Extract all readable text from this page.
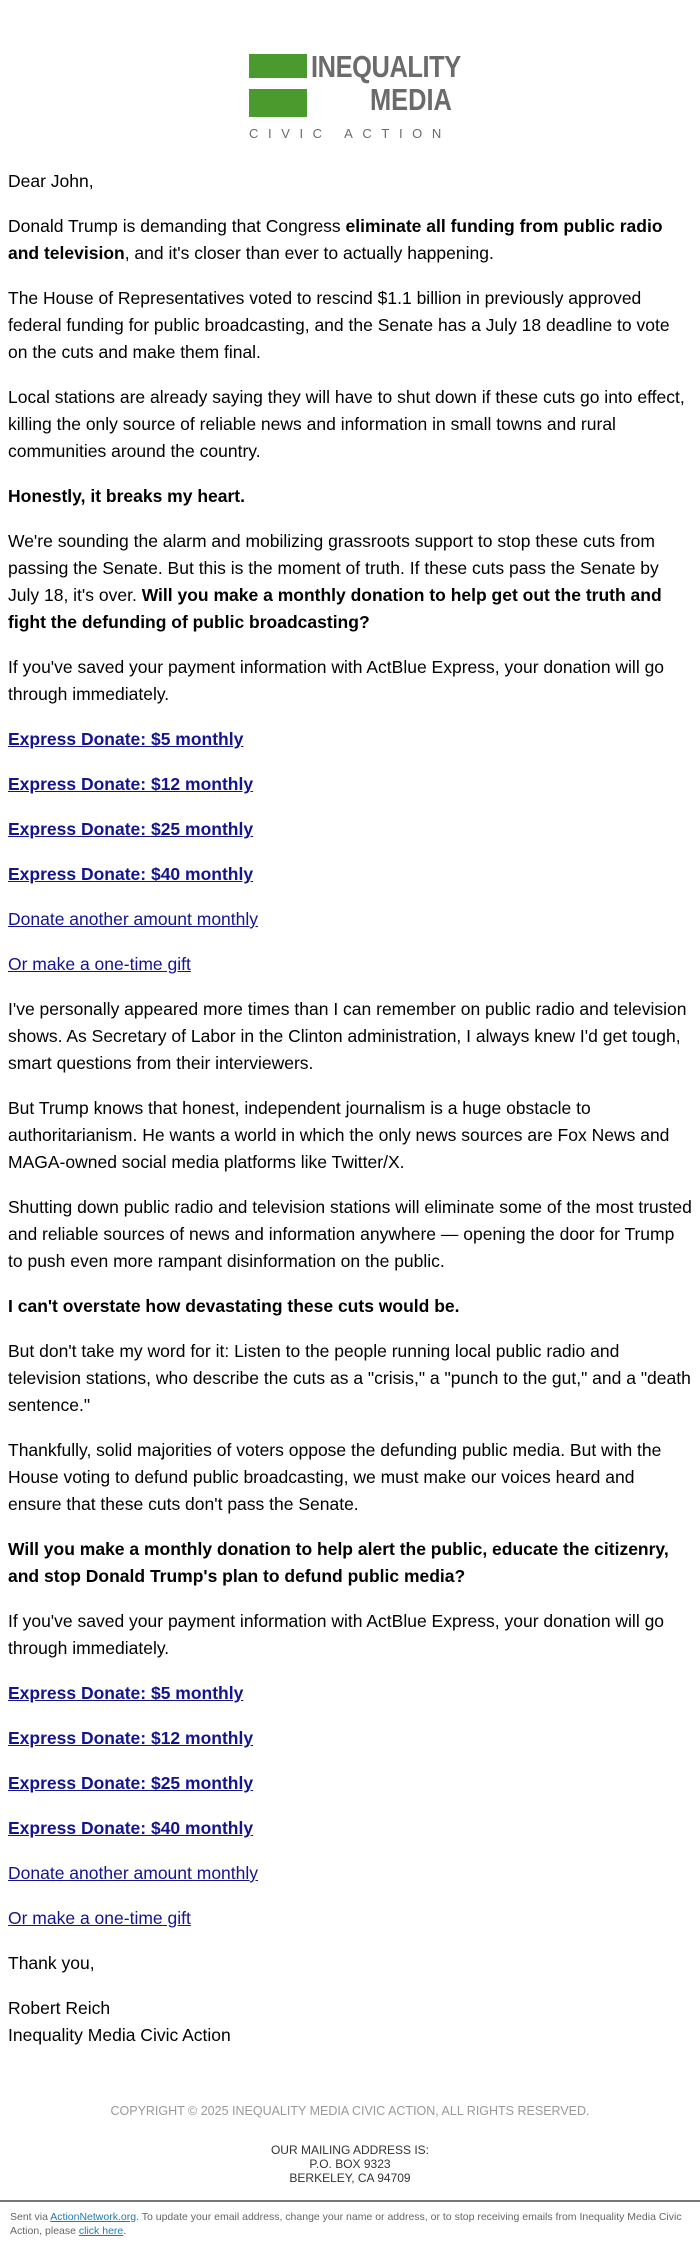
INEQUALITY
MEDIA
CIVIC ACTION

Dear John,

Donald Trump is demanding that Congress eliminate all funding from public radio and television, and it's closer than ever to actually happening.

The House of Representatives voted to rescind $1.1 billion in previously approved federal funding for public broadcasting, and the Senate has a July 18 deadline to vote on the cuts and make them final.

Local stations are already saying they will have to shut down if these cuts go into effect, killing the only source of reliable news and information in small towns and rural communities around the country.

Honestly, it breaks my heart.

We're sounding the alarm and mobilizing grassroots support to stop these cuts from passing the Senate. But this is the moment of truth. If these cuts pass the Senate by July 18, it's over. Will you make a monthly donation to help get out the truth and fight the defunding of public broadcasting?

If you've saved your payment information with ActBlue Express, your donation will go through immediately.

Express Donate: $5 monthly

Express Donate: $12 monthly

Express Donate: $25 monthly

Express Donate: $40 monthly

Donate another amount monthly

Or make a one-time gift

I've personally appeared more times than I can remember on public radio and television shows. As Secretary of Labor in the Clinton administration, I always knew I'd get tough, smart questions from their interviewers.

But Trump knows that honest, independent journalism is a huge obstacle to authoritarianism. He wants a world in which the only news sources are Fox News and MAGA-owned social media platforms like Twitter/X.

Shutting down public radio and television stations will eliminate some of the most trusted and reliable sources of news and information anywhere — opening the door for Trump to push even more rampant disinformation on the public.

I can't overstate how devastating these cuts would be.

But don't take my word for it: Listen to the people running local public radio and television stations, who describe the cuts as a "crisis," a "punch to the gut," and a "death sentence."

Thankfully, solid majorities of voters oppose the defunding public media. But with the House voting to defund public broadcasting, we must make our voices heard and ensure that these cuts don't pass the Senate.

Will you make a monthly donation to help alert the public, educate the citizenry, and stop Donald Trump's plan to defund public media?

If you've saved your payment information with ActBlue Express, your donation will go through immediately.

Express Donate: $5 monthly

Express Donate: $12 monthly

Express Donate: $25 monthly

Express Donate: $40 monthly

Donate another amount monthly

Or make a one-time gift

Thank you,

Robert Reich
Inequality Media Civic Action

COPYRIGHT © 2025 INEQUALITY MEDIA CIVIC ACTION, ALL RIGHTS RESERVED.
OUR MAILING ADDRESS IS:
P.O. BOX 9323
BERKELEY, CA 94709
Sent via ActionNetwork.org. To update your email address, change your name or address, or to stop receiving emails from Inequality Media Civic Action, please click here.
